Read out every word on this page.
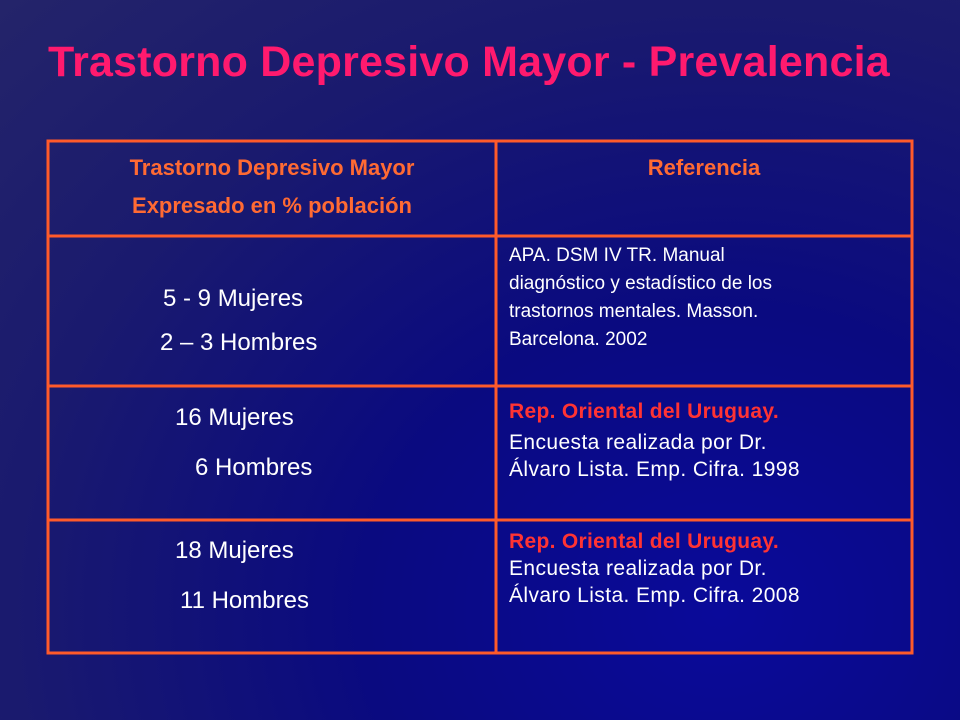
Trastorno Depresivo Mayor - Prevalencia
Trastorno Depresivo Mayor
Expresado en % población
Referencia
5 - 9 Mujeres
2 – 3 Hombres
APA. DSM IV TR. Manual
diagnóstico y estadístico de los
trastornos mentales. Masson.
Barcelona. 2002
16 Mujeres
6 Hombres
Rep. Oriental del Uruguay.
Encuesta realizada por Dr.
Álvaro Lista. Emp. Cifra. 1998
18 Mujeres
11 Hombres
Rep. Oriental del Uruguay.
Encuesta realizada por Dr.
Álvaro Lista. Emp. Cifra. 2008
